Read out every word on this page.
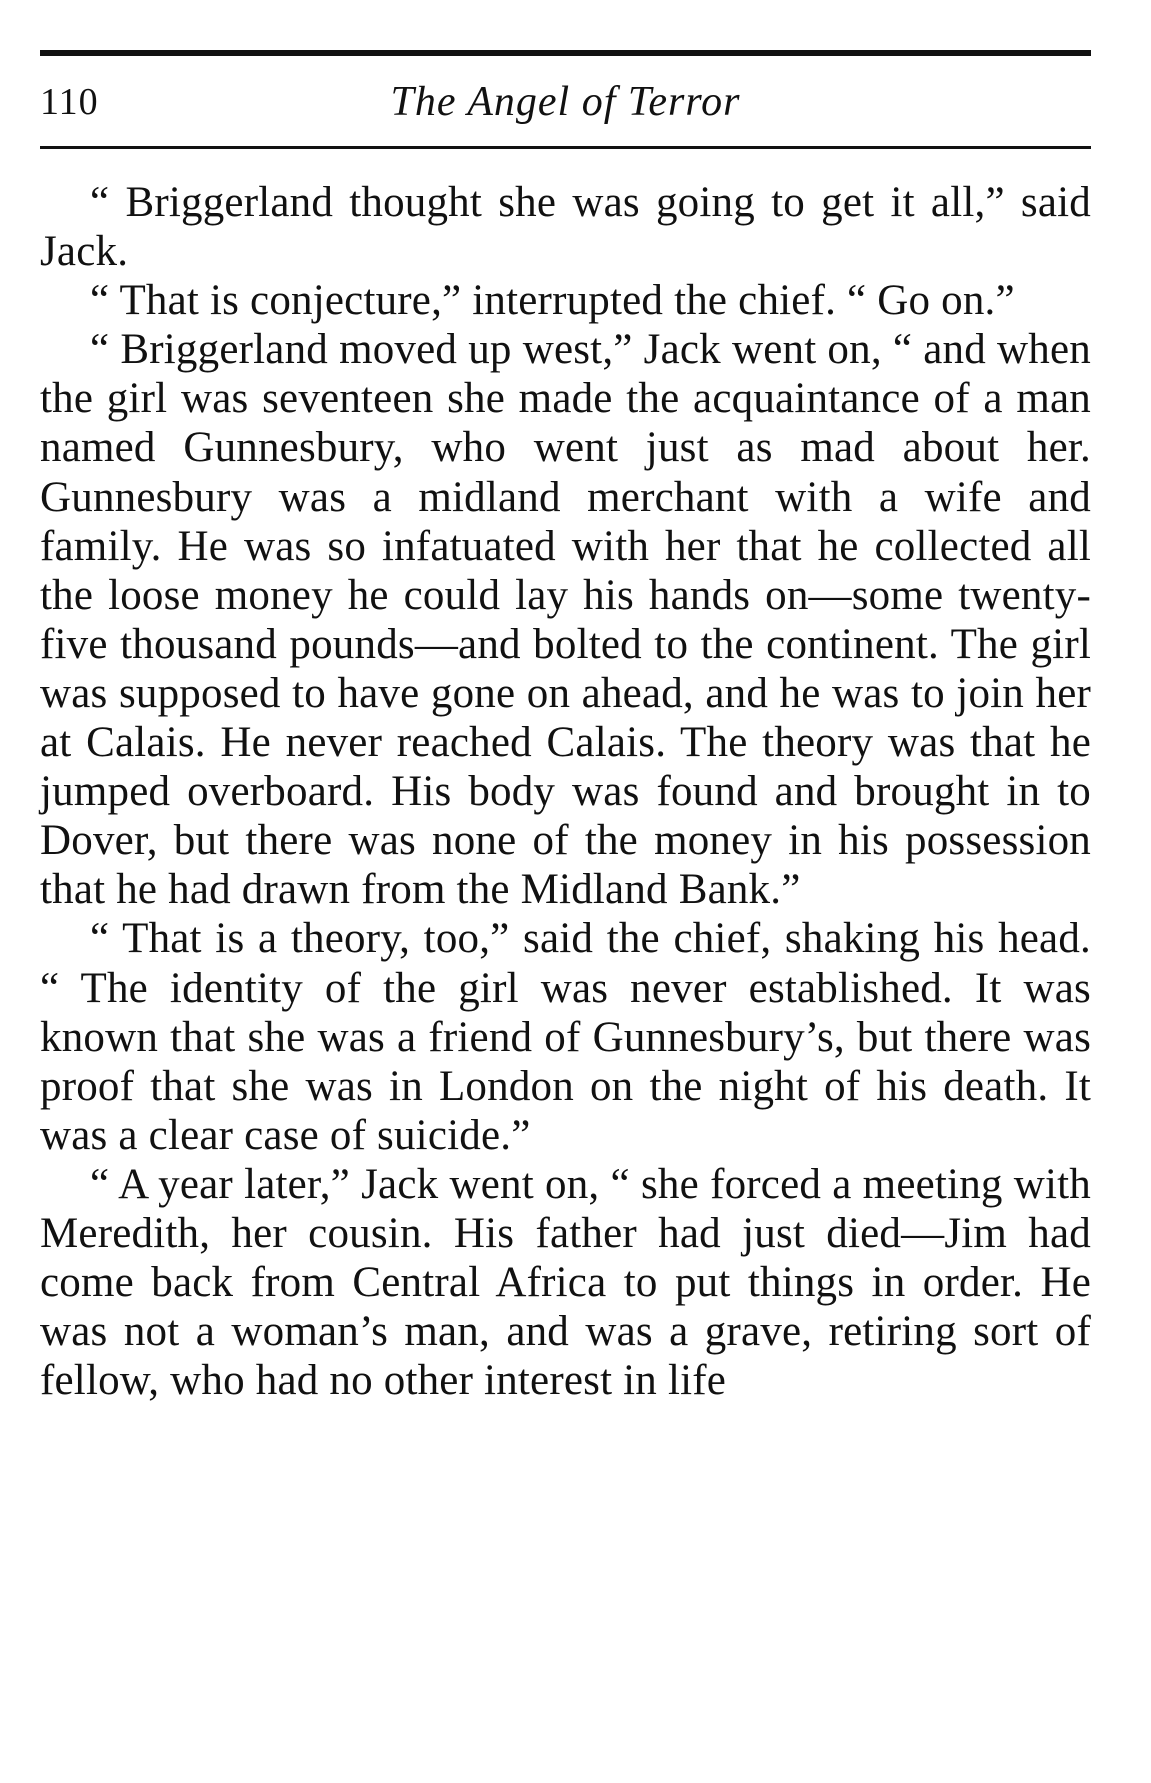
110	The Angel of Terror

“ Briggerland thought she was going to get it all,” said Jack.

“ That is conjecture,” interrupted the chief. “ Go on.”

“ Briggerland moved up west,” Jack went on, “ and when the girl was seventeen she made the acquaintance of a man named Gunnesbury, who went just as mad about her. Gunnesbury was a midland merchant with a wife and family. He was so infatuated with her that he collected all the loose money he could lay his hands on—some twenty-five thousand pounds—and bolted to the continent. The girl was supposed to have gone on ahead, and he was to join her at Calais. He never reached Calais. The theory was that he jumped overboard. His body was found and brought in to Dover, but there was none of the money in his possession that he had drawn from the Midland Bank.”

“ That is a theory, too,” said the chief, shaking his head. “ The identity of the girl was never established. It was known that she was a friend of Gunnesbury’s, but there was proof that she was in London on the night of his death. It was a clear case of suicide.”

“ A year later,” Jack went on, “ she forced a meeting with Meredith, her cousin. His father had just died—Jim had come back from Central Africa to put things in order. He was not a woman’s man, and was a grave, retiring sort of fellow, who had no other interest in life
